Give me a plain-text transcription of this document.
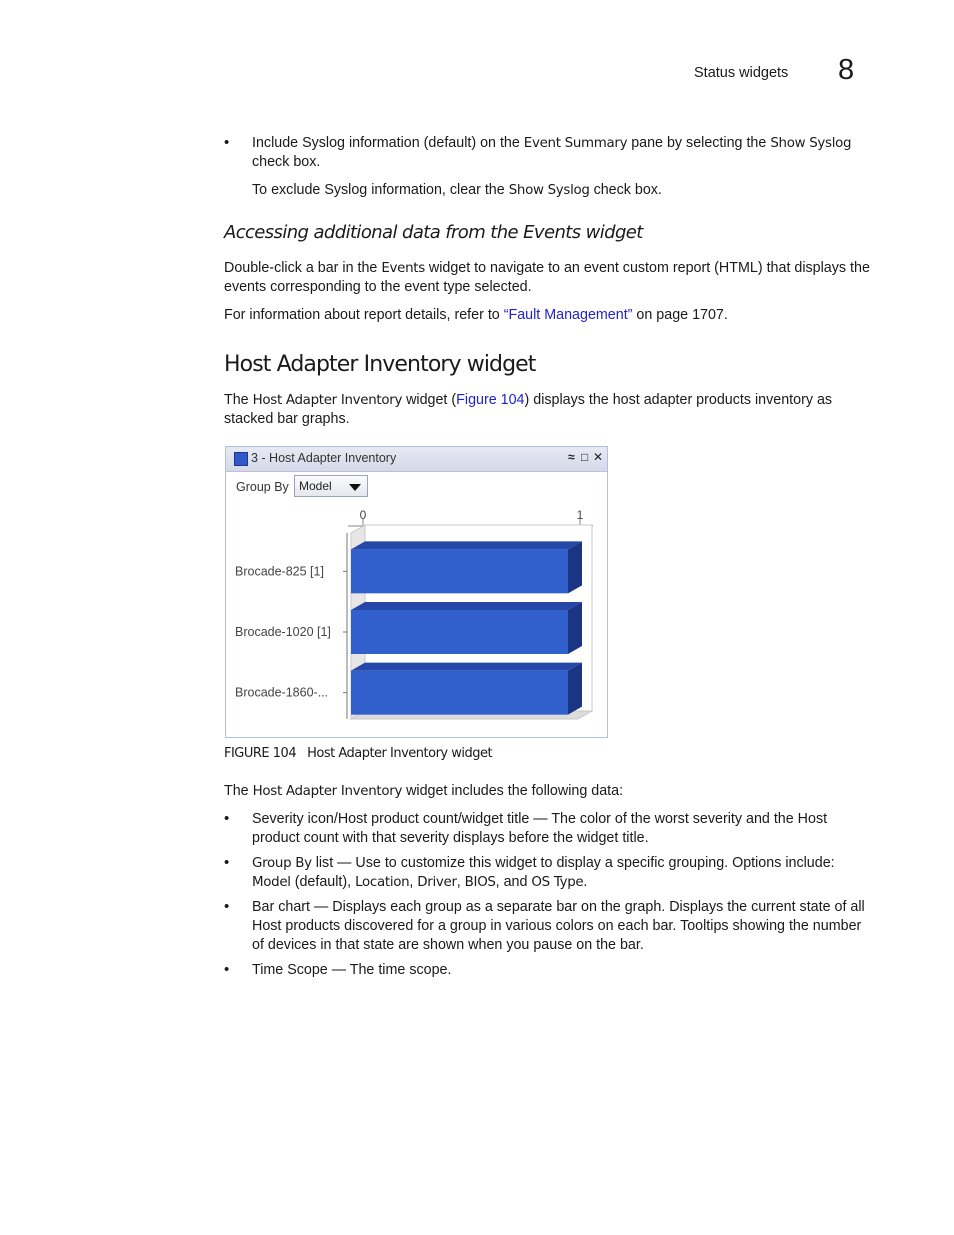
Status widgets 8

• Include Syslog information (default) on the Event Summary pane by selecting the Show Syslog check box.

To exclude Syslog information, clear the Show Syslog check box.

Accessing additional data from the Events widget

Double-click a bar in the Events widget to navigate to an event custom report (HTML) that displays the events corresponding to the event type selected.

For information about report details, refer to “Fault Management” on page 1707.

Host Adapter Inventory widget

The Host Adapter Inventory widget (Figure 104) displays the host adapter products inventory as stacked bar graphs.

3 - Host Adapter Inventory	≈ □ ✕
Group By Model
0	1
Brocade-825 [1]
Brocade-1020 [1]
Brocade-1860-...
FIGURE 104 Host Adapter Inventory widget

The Host Adapter Inventory widget includes the following data:

• Severity icon/Host product count/widget title — The color of the worst severity and the Host product count with that severity displays before the widget title.

• Group By list — Use to customize this widget to display a specific grouping. Options include: Model (default), Location, Driver, BIOS, and OS Type.

• Bar chart — Displays each group as a separate bar on the graph. Displays the current state of all Host products discovered for a group in various colors on each bar. Tooltips showing the number of devices in that state are shown when you pause on the bar.

• Time Scope — The time scope.
